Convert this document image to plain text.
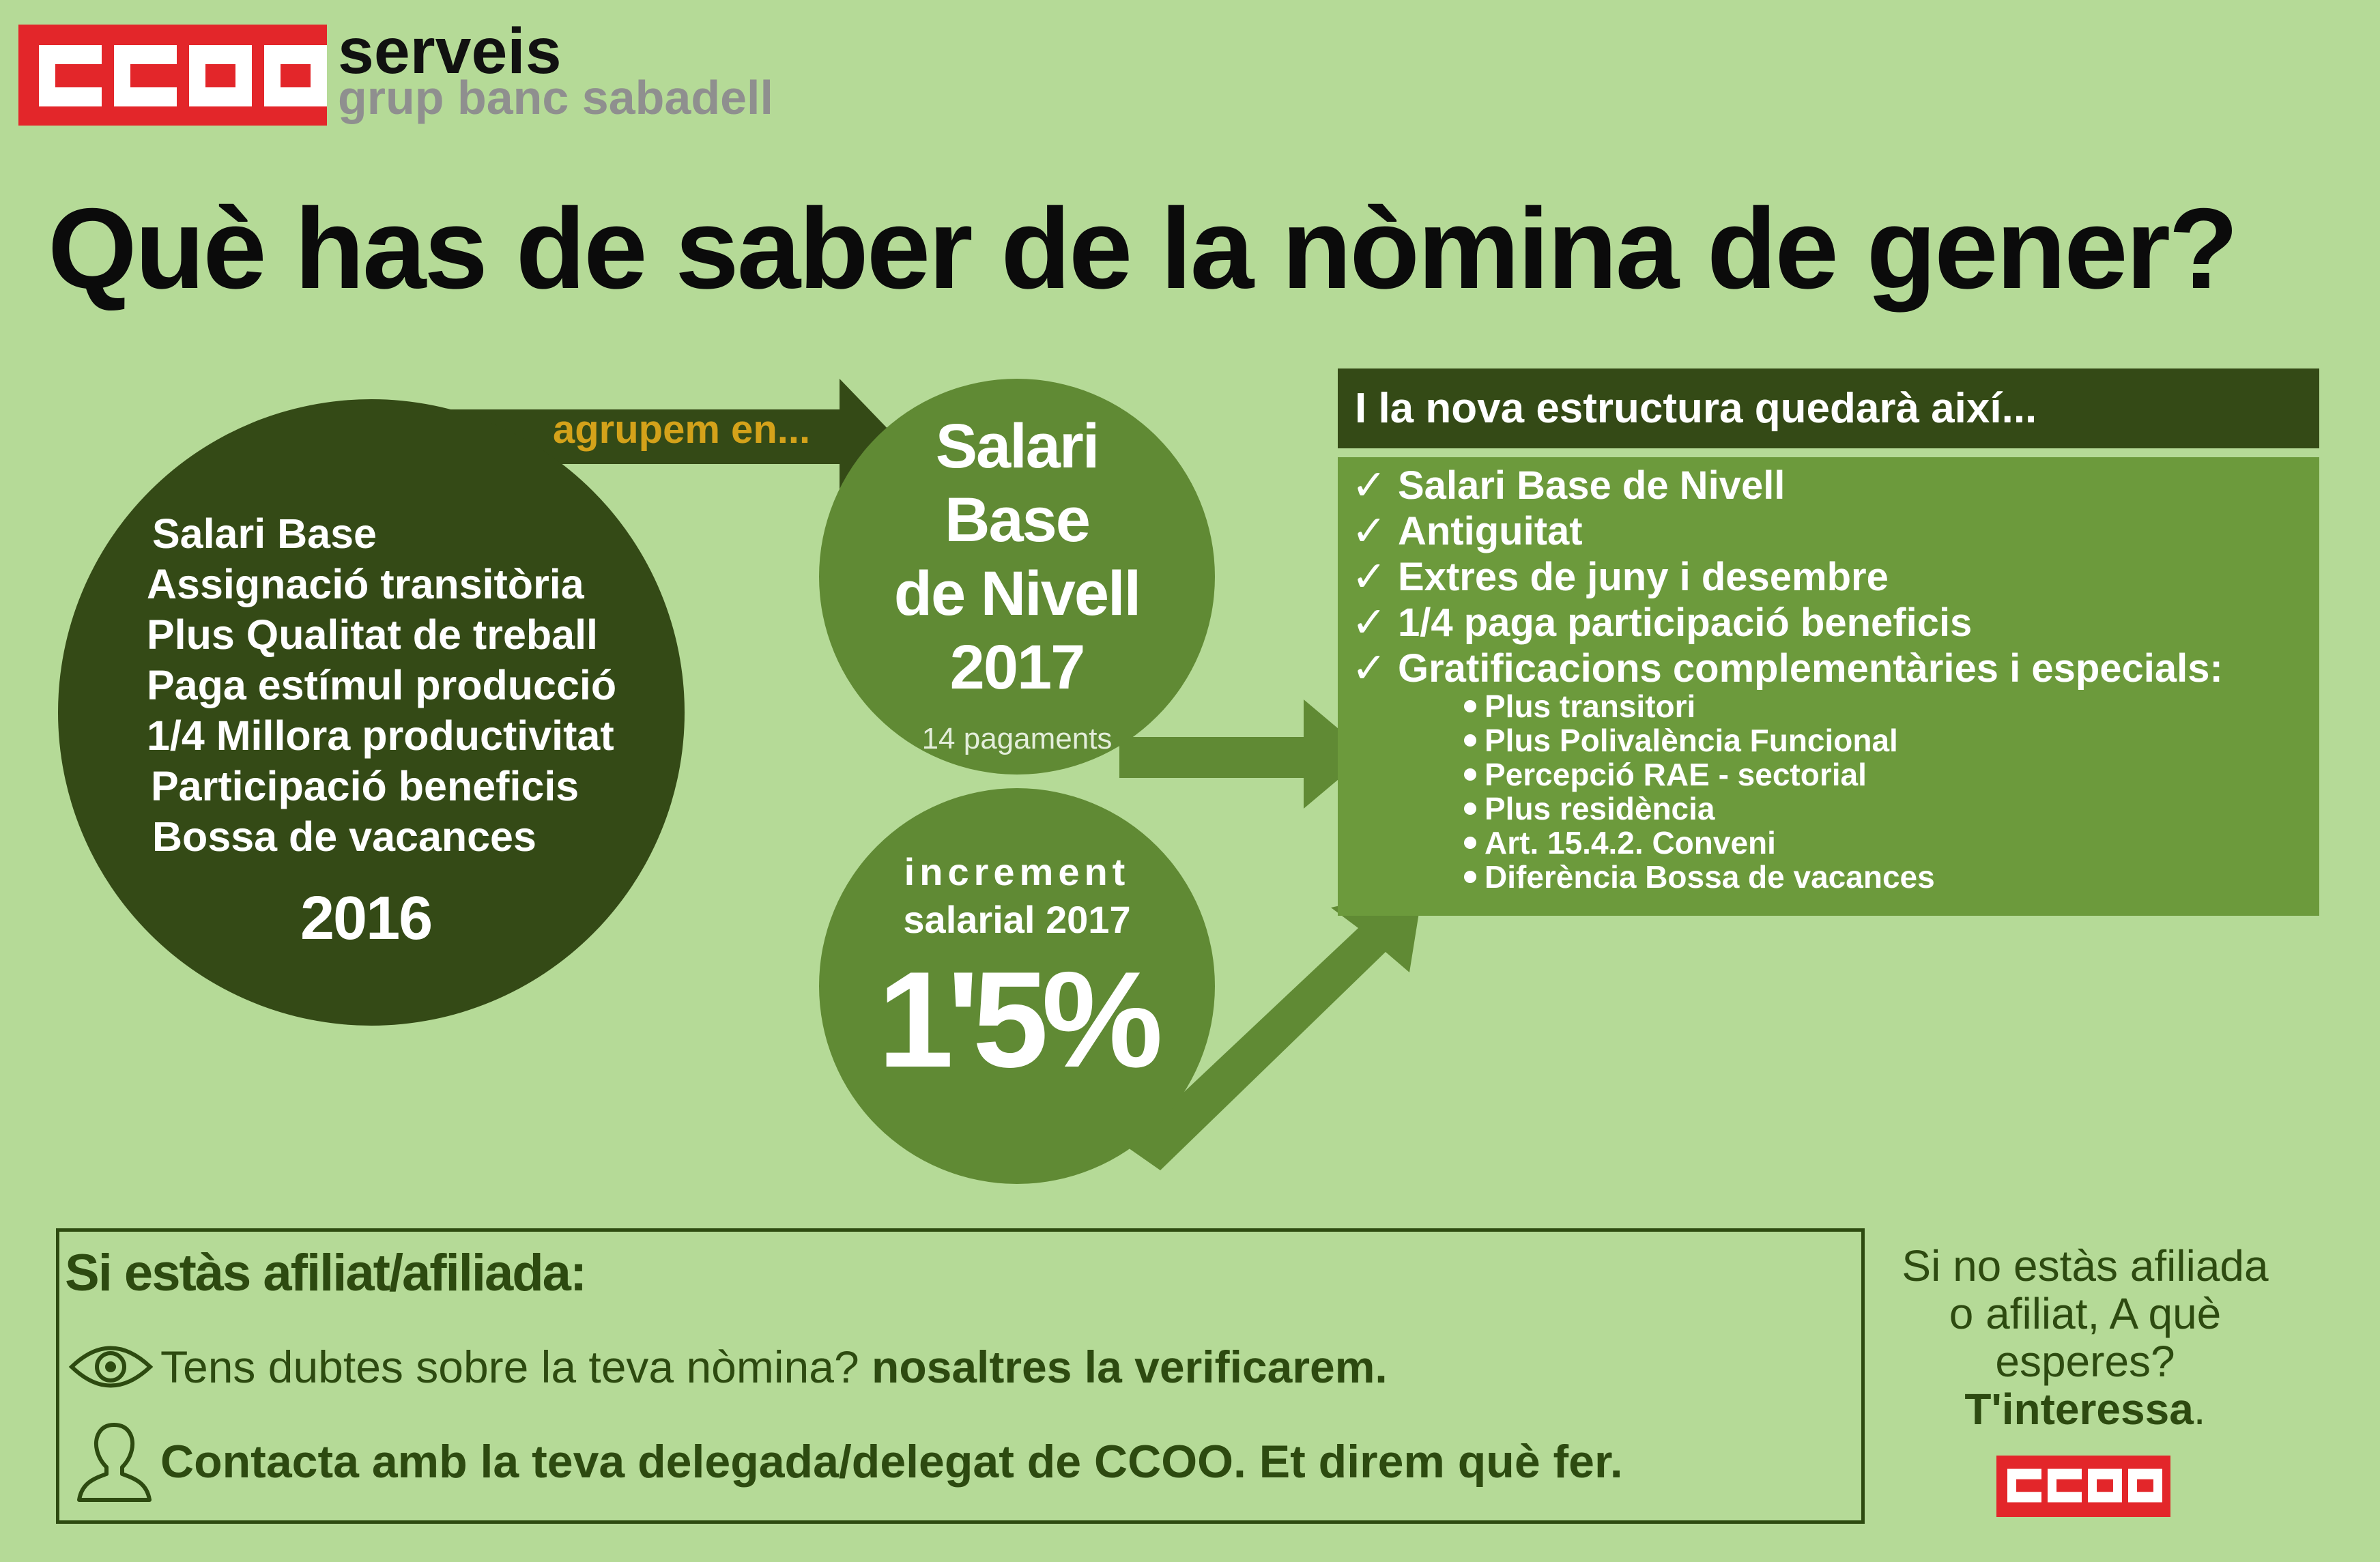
serveis
grup banc sabadell
Què has de saber de la nòmina de gener?
agrupem en...
Salari Base
Assignació transitòria
Plus Qualitat de treball
Paga estímul producció
1/4 Millora productivitat
Participació beneficis
Bossa de vacances
2016
Salari
Base
de Nivell
2017
14 pagaments
increment
salarial 2017
1'5%
I la nova estructura quedarà així...
✓ Salari Base de Nivell
✓ Antiguitat
✓ Extres de juny i desembre
✓ 1/4 paga participació beneficis
✓ Gratificacions complementàries i especials:
Plus transitori
Plus Polivalència Funcional
Percepció RAE - sectorial
Plus residència
Art. 15.4.2. Conveni
Diferència Bossa de vacances
Si estàs afiliat/afiliada:
Tens dubtes sobre la teva nòmina? nosaltres la verificarem.
Contacta amb la teva delegada/delegat de CCOO. Et direm què fer.
Si no estàs afiliada
o afiliat, A què
esperes?
T'interessa.
